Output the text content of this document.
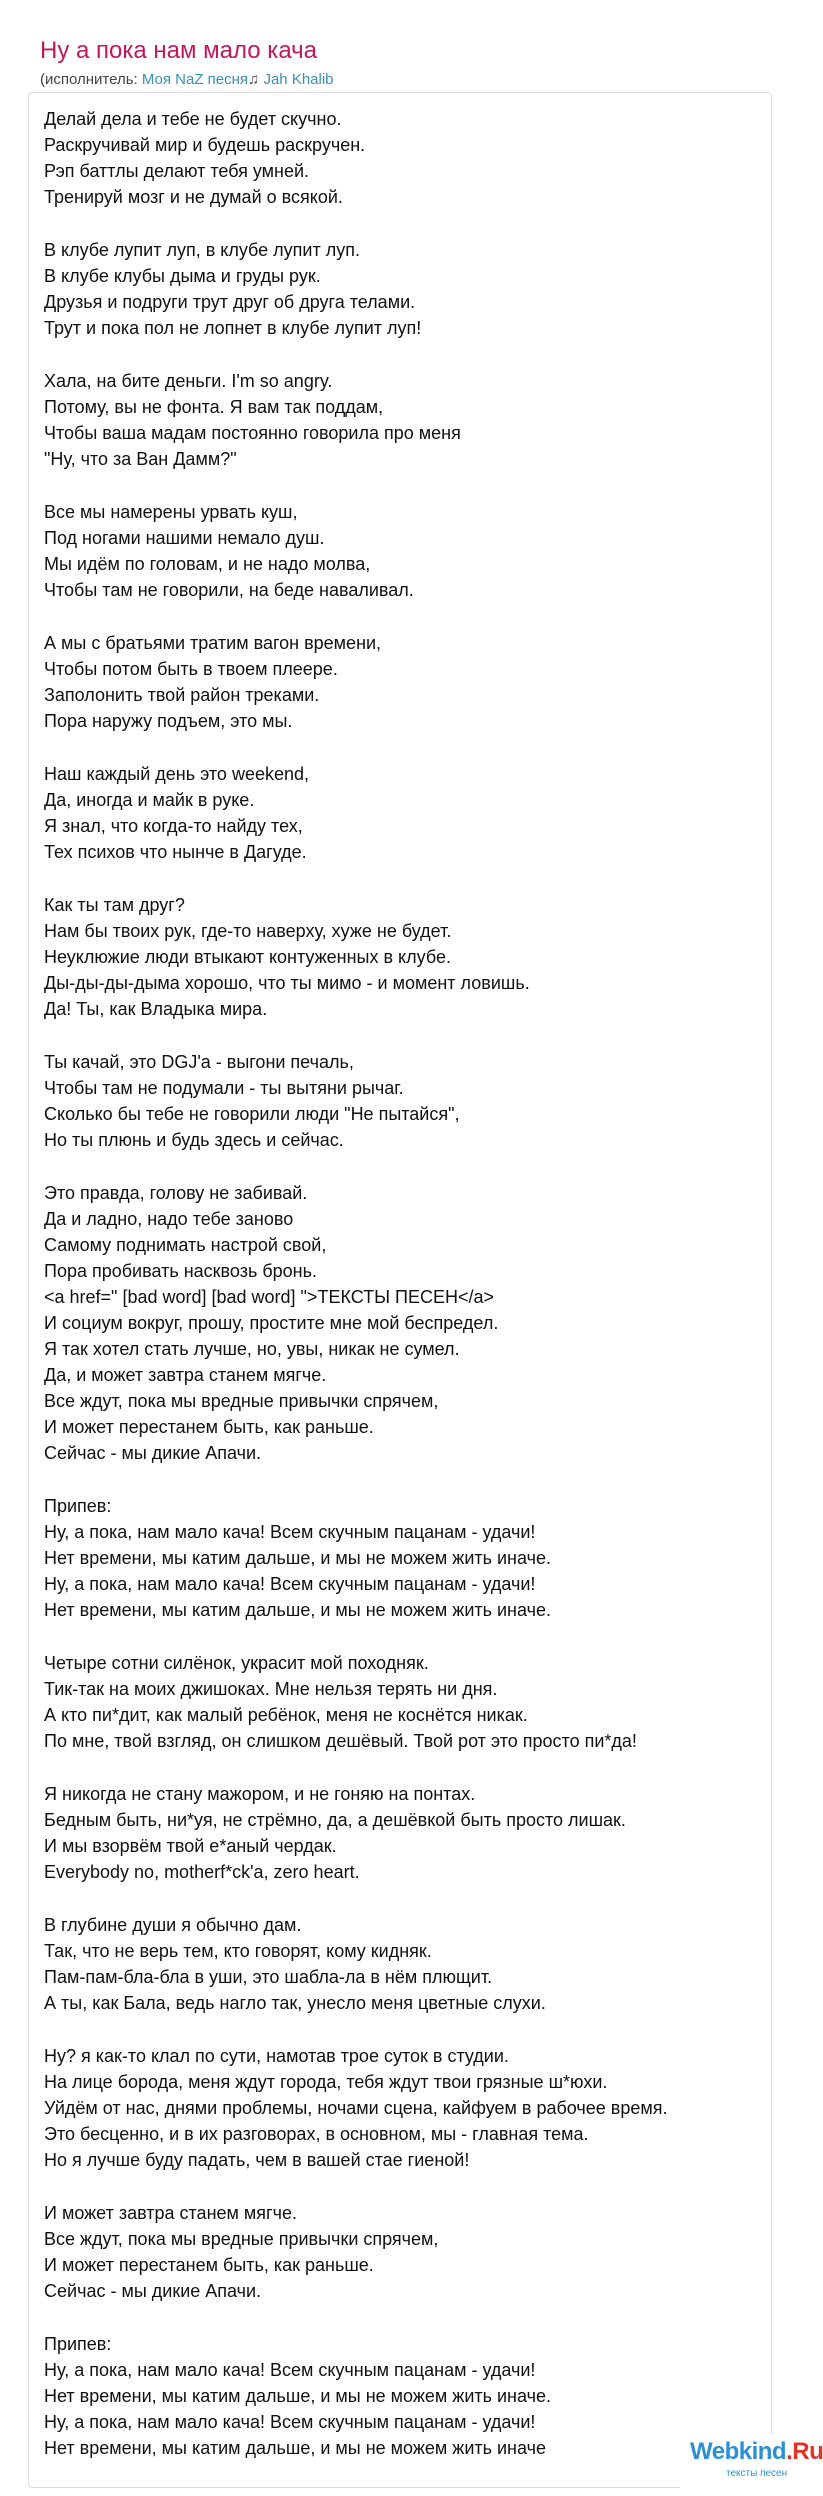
Ну а пока нам мало кача
(исполнитель: Моя NaZ песня♫ Jah Khalib
Делай дела и тебе не будет скучно.
Раскручивай мир и будешь раскручен.
Рэп баттлы делают тебя умней.
Тренируй мозг и не думай о всякой.
В клубе лупит луп, в клубе лупит луп.
В клубе клубы дыма и груды рук.
Друзья и подруги трут друг об друга телами.
Трут и пока пол не лопнет в клубе лупит луп!
Хала, на бите деньги. I'm so angry.
Потому, вы не фонта. Я вам так поддам,
Чтобы ваша мадам постоянно говорила про меня
"Ну, что за Ван Дамм?"
Все мы намерены урвать куш,
Под ногами нашими немало душ.
Мы идём по головам, и не надо молва,
Чтобы там не говорили, на беде наваливал.
А мы с братьями тратим вагон времени,
Чтобы потом быть в твоем плеере.
Заполонить твой район треками.
Пора наружу подъем, это мы.
Наш каждый день это weekend,
Да, иногда и майк в руке.
Я знал, что когда-то найду тех,
Тех психов что нынче в Дагуде.
Как ты там друг?
Нам бы твоих рук, где-то наверху, хуже не будет.
Неуклюжие люди втыкают контуженных в клубе.
Ды-ды-ды-дыма хорошо, что ты мимо - и момент ловишь.
Да! Ты, как Владыка мира.
Ты качай, это DGJ'а - выгони печаль,
Чтобы там не подумали - ты вытяни рычаг.
Сколько бы тебе не говорили люди "Не пытайся",
Но ты плюнь и будь здесь и сейчас.
Это правда, голову не забивай.
Да и ладно, надо тебе заново
Самому поднимать настрой свой,
Пора пробивать насквозь бронь.
<a href=" [bad word] [bad word] ">ТЕКСТЫ ПЕСЕН</a>
И социум вокруг, прошу, простите мне мой беспредел.
Я так хотел стать лучше, но, увы, никак не сумел.
Да, и может завтра станем мягче.
Все ждут, пока мы вредные привычки спрячем,
И может перестанем быть, как раньше.
Сейчас - мы дикие Апачи.
Припев:
Ну, а пока, нам мало кача! Всем скучным пацанам - удачи!
Нет времени, мы катим дальше, и мы не можем жить иначе.
Ну, а пока, нам мало кача! Всем скучным пацанам - удачи!
Нет времени, мы катим дальше, и мы не можем жить иначе.
Четыре сотни силёнок, украсит мой походняк.
Тик-так на моих джишоках. Мне нельзя терять ни дня.
А кто пи*дит, как малый ребёнок, меня не коснётся никак.
По мне, твой взгляд, он слишком дешёвый. Твой рот это просто пи*да!
Я никогда не стану мажором, и не гоняю на понтах.
Бедным быть, ни*уя, не стрёмно, да, а дешёвкой быть просто лишак.
И мы взорвём твой е*аный чердак.
Everybody no, motherf*ck'a, zero heart.
В глубине души я обычно дам.
Так, что не верь тем, кто говорят, кому кидняк.
Пам-пам-бла-бла в уши, это шабла-ла в нём плющит.
А ты, как Бала, ведь нагло так, унесло меня цветные слухи.
Ну? я как-то клал по сути, намотав трое суток в студии.
На лице борода, меня ждут города, тебя ждут твои грязные ш*юхи.
Уйдём от нас, днями проблемы, ночами сцена, кайфуем в рабочее время.
Это бесценно, и в их разговорах, в основном, мы - главная тема.
Но я лучше буду падать, чем в вашей стае гиеной!
И может завтра станем мягче.
Все ждут, пока мы вредные привычки спрячем,
И может перестанем быть, как раньше.
Сейчас - мы дикие Апачи.
Припев:
Ну, а пока, нам мало кача! Всем скучным пацанам - удачи!
Нет времени, мы катим дальше, и мы не можем жить иначе.
Ну, а пока, нам мало кача! Всем скучным пацанам - удачи!
Нет времени, мы катим дальше, и мы не можем жить иначе	Webkind.Ru
тексты песен
